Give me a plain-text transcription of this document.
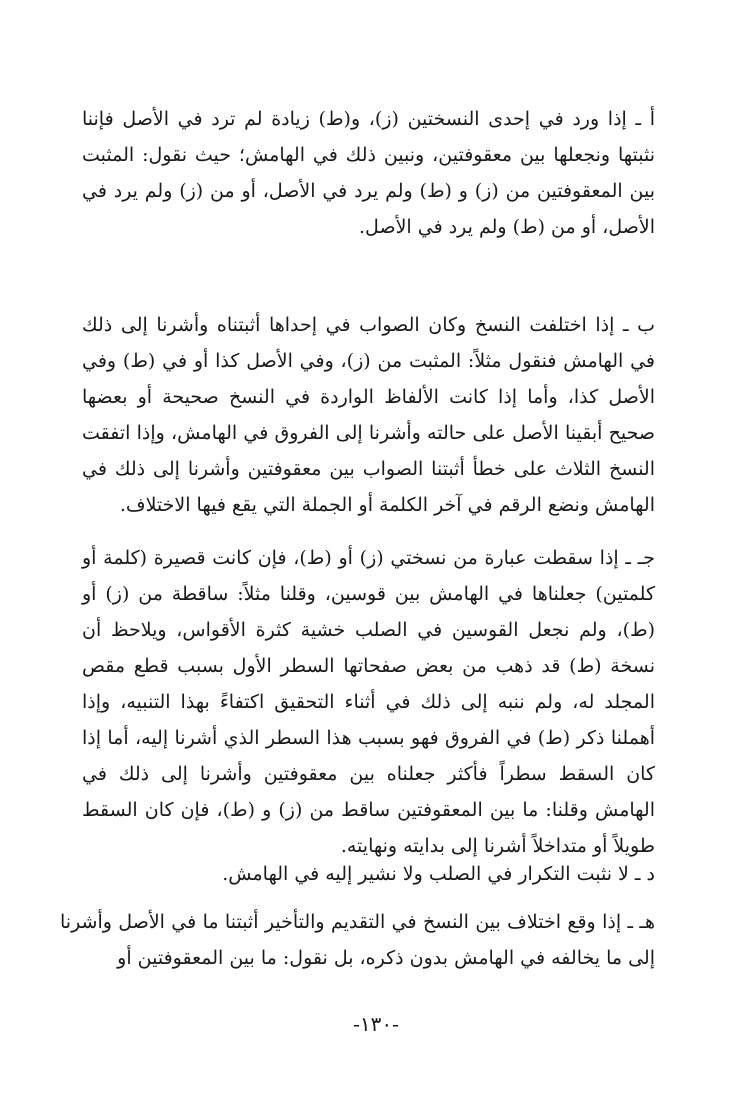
أ ـ إذا ورد في إحدى النسختين (ز)، و(ط) زيادة لم ترد في الأصل فإننا نثبتها ونجعلها بين معقوفتين، ونبين ذلك في الهامش؛ حيث نقول: المثبت بين المعقوفتين من (ز) و (ط) ولم يرد في الأصل، أو من (ز) ولم يرد في الأصل، أو من (ط) ولم يرد في الأصل.

ب ـ إذا اختلفت النسخ وكان الصواب في إحداها أثبتناه وأشرنا إلى ذلك في الهامش فنقول مثلاً: المثبت من (ز)، وفي الأصل كذا أو في (ط) وفي الأصل كذا، وأما إذا كانت الألفاظ الواردة في النسخ صحيحة أو بعضها صحيح أبقينا الأصل على حالته وأشرنا إلى الفروق في الهامش، وإذا اتفقت النسخ الثلاث على خطأ أثبتنا الصواب بين معقوفتين وأشرنا إلى ذلك في الهامش ونضع الرقم في آخر الكلمة أو الجملة التي يقع فيها الاختلاف.

جـ ـ إذا سقطت عبارة من نسختي (ز) أو (ط)، فإن كانت قصيرة (كلمة أو كلمتين) جعلناها في الهامش بين قوسين، وقلنا مثلاً: ساقطة من (ز) أو (ط)، ولم نجعل القوسين في الصلب خشية كثرة الأقواس، ويلاحظ أن نسخة (ط) قد ذهب من بعض صفحاتها السطر الأول بسبب قطع مقص المجلد له، ولم ننبه إلى ذلك في أثناء التحقيق اكتفاءً بهذا التنبيه، وإذا أهملنا ذكر (ط) في الفروق فهو بسبب هذا السطر الذي أشرنا إليه، أما إذا كان السقط سطراً فأكثر جعلناه بين معقوفتين وأشرنا إلى ذلك في الهامش وقلنا: ما بين المعقوفتين ساقط من (ز) و (ط)، فإن كان السقط طويلاً أو متداخلاً أشرنا إلى بدايته ونهايته.

د ـ لا نثبت التكرار في الصلب ولا نشير إليه في الهامش.

هـ ـ إذا وقع اختلاف بين النسخ في التقديم والتأخير أثبتنا ما في الأصل وأشرنا إلى ما يخالفه في الهامش بدون ذكره، بل نقول: ما بين المعقوفتين أو

-١٣٠-
